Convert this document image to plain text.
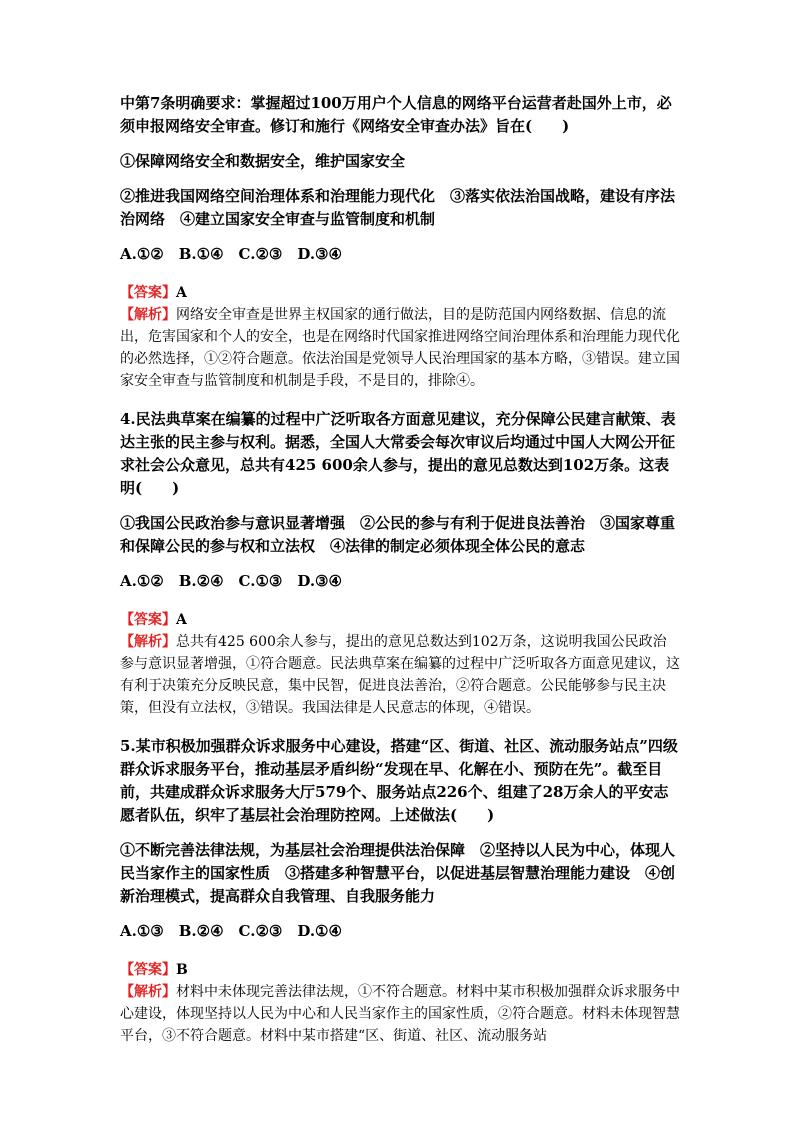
中第7条明确要求：掌握超过100万用户个人信息的网络平台运营者赴国外上市，必须申报网络安全审查。修订和施行《网络安全审查办法》旨在(　　)

①保障网络安全和数据安全，维护国家安全

②推进我国网络空间治理体系和治理能力现代化　③落实依法治国战略，建设有序法治网络　④建立国家安全审查与监管制度和机制

A.①②　B.①④　C.②③　D.③④

【答案】A

【解析】网络安全审查是世界主权国家的通行做法，目的是防范国内网络数据、信息的流出，危害国家和个人的安全，也是在网络时代国家推进网络空间治理体系和治理能力现代化的必然选择，①②符合题意。依法治国是党领导人民治理国家的基本方略，③错误。建立国家安全审查与监管制度和机制是手段，不是目的，排除④。

4.民法典草案在编纂的过程中广泛听取各方面意见建议，充分保障公民建言献策、表达主张的民主参与权利。据悉，全国人大常委会每次审议后均通过中国人大网公开征求社会公众意见，总共有425 600余人参与，提出的意见总数达到102万条。这表明(　　)

①我国公民政治参与意识显著增强　②公民的参与有利于促进良法善治　③国家尊重和保障公民的参与权和立法权　④法律的制定必须体现全体公民的意志

A.①②　B.②④　C.①③　D.③④

【答案】A

【解析】总共有425 600余人参与，提出的意见总数达到102万条，这说明我国公民政治参与意识显著增强，①符合题意。民法典草案在编纂的过程中广泛听取各方面意见建议，这有利于决策充分反映民意，集中民智，促进良法善治，②符合题意。公民能够参与民主决策，但没有立法权，③错误。我国法律是人民意志的体现，④错误。

5.某市积极加强群众诉求服务中心建设，搭建“区、街道、社区、流动服务站点”四级群众诉求服务平台，推动基层矛盾纠纷“发现在早、化解在小、预防在先”。截至目前，共建成群众诉求服务大厅579个、服务站点226个、组建了28万余人的平安志愿者队伍，织牢了基层社会治理防控网。上述做法(　　)

①不断完善法律法规，为基层社会治理提供法治保障　②坚持以人民为中心，体现人民当家作主的国家性质　③搭建多种智慧平台，以促进基层智慧治理能力建设　④创新治理模式，提高群众自我管理、自我服务能力

A.①③　B.②④　C.②③　D.①④

【答案】B

【解析】材料中未体现完善法律法规，①不符合题意。材料中某市积极加强群众诉求服务中心建设，体现坚持以人民为中心和人民当家作主的国家性质，②符合题意。材料未体现智慧平台，③不符合题意。材料中某市搭建“区、街道、社区、流动服务站
